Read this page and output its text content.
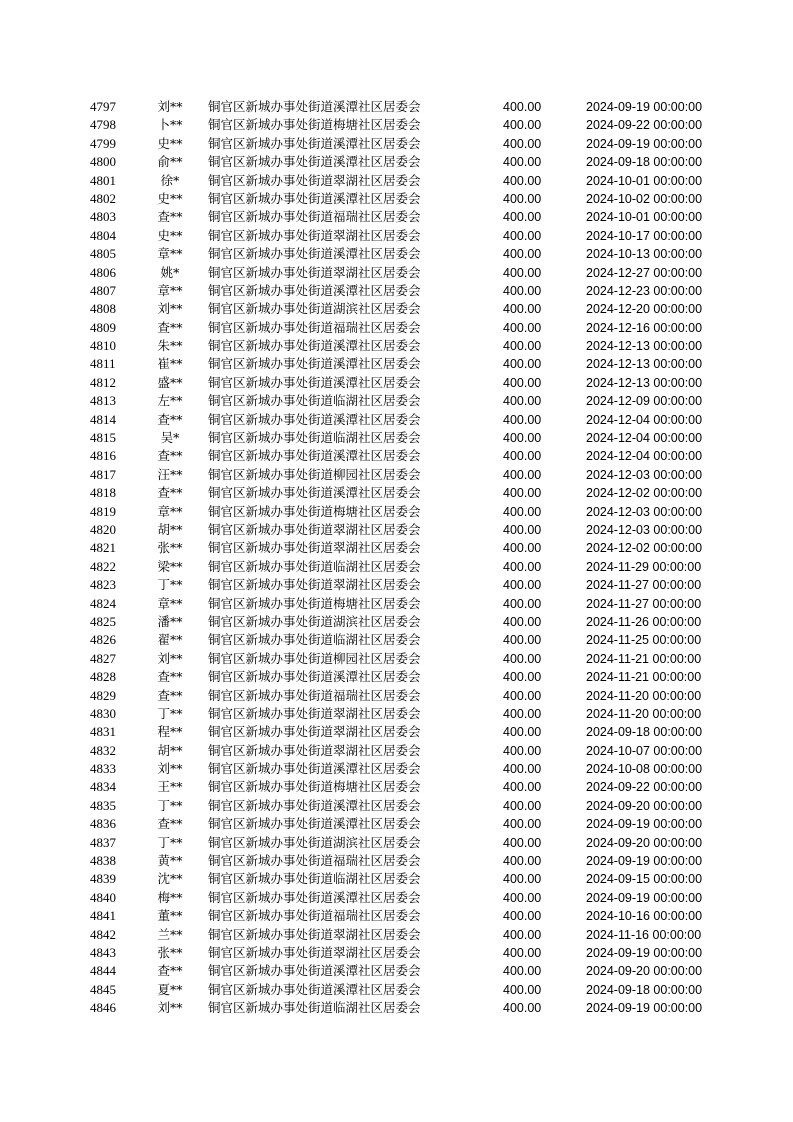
4797	刘**	铜官区新城办事处街道溪潭社区居委会	400.00	2024-09-19 00:00:00
4798	卜**	铜官区新城办事处街道梅塘社区居委会	400.00	2024-09-22 00:00:00
4799	史**	铜官区新城办事处街道溪潭社区居委会	400.00	2024-09-19 00:00:00
4800	俞**	铜官区新城办事处街道溪潭社区居委会	400.00	2024-09-18 00:00:00
4801	徐*	铜官区新城办事处街道翠湖社区居委会	400.00	2024-10-01 00:00:00
4802	史**	铜官区新城办事处街道溪潭社区居委会	400.00	2024-10-02 00:00:00
4803	查**	铜官区新城办事处街道福瑞社区居委会	400.00	2024-10-01 00:00:00
4804	史**	铜官区新城办事处街道翠湖社区居委会	400.00	2024-10-17 00:00:00
4805	章**	铜官区新城办事处街道溪潭社区居委会	400.00	2024-10-13 00:00:00
4806	姚*	铜官区新城办事处街道翠湖社区居委会	400.00	2024-12-27 00:00:00
4807	章**	铜官区新城办事处街道溪潭社区居委会	400.00	2024-12-23 00:00:00
4808	刘**	铜官区新城办事处街道湖滨社区居委会	400.00	2024-12-20 00:00:00
4809	查**	铜官区新城办事处街道福瑞社区居委会	400.00	2024-12-16 00:00:00
4810	朱**	铜官区新城办事处街道溪潭社区居委会	400.00	2024-12-13 00:00:00
4811	崔**	铜官区新城办事处街道溪潭社区居委会	400.00	2024-12-13 00:00:00
4812	盛**	铜官区新城办事处街道溪潭社区居委会	400.00	2024-12-13 00:00:00
4813	左**	铜官区新城办事处街道临湖社区居委会	400.00	2024-12-09 00:00:00
4814	查**	铜官区新城办事处街道溪潭社区居委会	400.00	2024-12-04 00:00:00
4815	吴*	铜官区新城办事处街道临湖社区居委会	400.00	2024-12-04 00:00:00
4816	查**	铜官区新城办事处街道溪潭社区居委会	400.00	2024-12-04 00:00:00
4817	汪**	铜官区新城办事处街道柳园社区居委会	400.00	2024-12-03 00:00:00
4818	查**	铜官区新城办事处街道溪潭社区居委会	400.00	2024-12-02 00:00:00
4819	章**	铜官区新城办事处街道梅塘社区居委会	400.00	2024-12-03 00:00:00
4820	胡**	铜官区新城办事处街道翠湖社区居委会	400.00	2024-12-03 00:00:00
4821	张**	铜官区新城办事处街道翠湖社区居委会	400.00	2024-12-02 00:00:00
4822	梁**	铜官区新城办事处街道临湖社区居委会	400.00	2024-11-29 00:00:00
4823	丁**	铜官区新城办事处街道翠湖社区居委会	400.00	2024-11-27 00:00:00
4824	章**	铜官区新城办事处街道梅塘社区居委会	400.00	2024-11-27 00:00:00
4825	潘**	铜官区新城办事处街道湖滨社区居委会	400.00	2024-11-26 00:00:00
4826	翟**	铜官区新城办事处街道临湖社区居委会	400.00	2024-11-25 00:00:00
4827	刘**	铜官区新城办事处街道柳园社区居委会	400.00	2024-11-21 00:00:00
4828	查**	铜官区新城办事处街道溪潭社区居委会	400.00	2024-11-21 00:00:00
4829	查**	铜官区新城办事处街道福瑞社区居委会	400.00	2024-11-20 00:00:00
4830	丁**	铜官区新城办事处街道翠湖社区居委会	400.00	2024-11-20 00:00:00
4831	程**	铜官区新城办事处街道翠湖社区居委会	400.00	2024-09-18 00:00:00
4832	胡**	铜官区新城办事处街道翠湖社区居委会	400.00	2024-10-07 00:00:00
4833	刘**	铜官区新城办事处街道溪潭社区居委会	400.00	2024-10-08 00:00:00
4834	王**	铜官区新城办事处街道梅塘社区居委会	400.00	2024-09-22 00:00:00
4835	丁**	铜官区新城办事处街道溪潭社区居委会	400.00	2024-09-20 00:00:00
4836	查**	铜官区新城办事处街道溪潭社区居委会	400.00	2024-09-19 00:00:00
4837	丁**	铜官区新城办事处街道湖滨社区居委会	400.00	2024-09-20 00:00:00
4838	黄**	铜官区新城办事处街道福瑞社区居委会	400.00	2024-09-19 00:00:00
4839	沈**	铜官区新城办事处街道临湖社区居委会	400.00	2024-09-15 00:00:00
4840	梅**	铜官区新城办事处街道溪潭社区居委会	400.00	2024-09-19 00:00:00
4841	董**	铜官区新城办事处街道福瑞社区居委会	400.00	2024-10-16 00:00:00
4842	兰**	铜官区新城办事处街道翠湖社区居委会	400.00	2024-11-16 00:00:00
4843	张**	铜官区新城办事处街道翠湖社区居委会	400.00	2024-09-19 00:00:00
4844	查**	铜官区新城办事处街道溪潭社区居委会	400.00	2024-09-20 00:00:00
4845	夏**	铜官区新城办事处街道溪潭社区居委会	400.00	2024-09-18 00:00:00
4846	刘**	铜官区新城办事处街道临湖社区居委会	400.00	2024-09-19 00:00:00
